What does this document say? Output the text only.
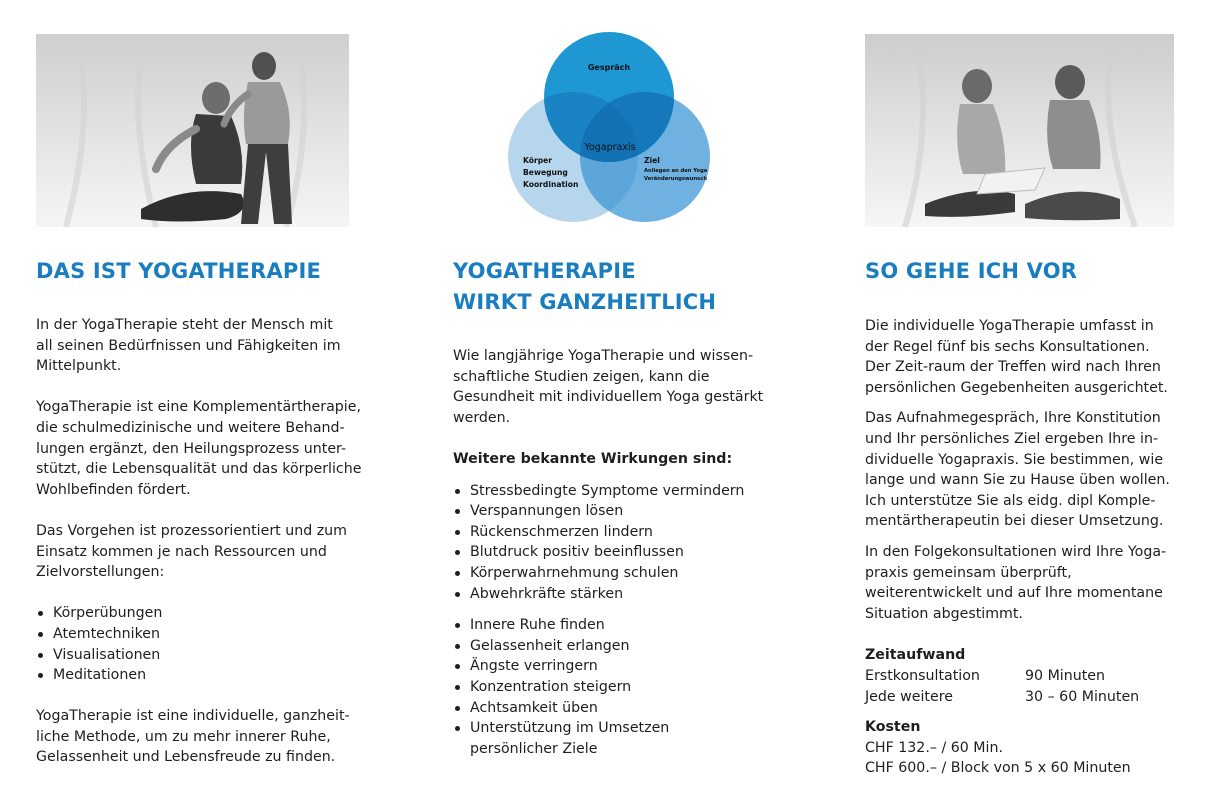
DAS IST YOGATHERAPIE

In der YogaTherapie steht der Mensch mit all seinen Bedürfnissen und Fähigkeiten im Mittelpunkt.

YogaTherapie ist eine Komplementärtherapie, die schulmedizinische und weitere Behand-lungen ergänzt, den Heilungsprozess unter-stützt, die Lebensqualität und das körperliche Wohlbefinden fördert.

Das Vorgehen ist prozessorientiert und zum Einsatz kommen je nach Ressourcen und Zielvorstellungen:

Körperübungen
Atemtechniken
Visualisationen
Meditationen

YogaTherapie ist eine individuelle, ganzheit-liche Methode, um zu mehr innerer Ruhe, Gelassenheit und Lebensfreude zu finden.

Gespräch
Yogapraxis
Körper Bewegung Koordination
Ziel Anliegen an den Yoga Veränderungswunsch
YOGATHERAPIE
WIRKT GANZHEITLICH

Wie langjährige YogaTherapie und wissen-schaftliche Studien zeigen, kann die Gesundheit mit individuellem Yoga gestärkt werden.

Weitere bekannte Wirkungen sind:

Stressbedingte Symptome vermindern
Verspannungen lösen
Rückenschmerzen lindern
Blutdruck positiv beeinflussen
Körperwahrnehmung schulen
Abwehrkräfte stärken
Innere Ruhe finden
Gelassenheit erlangen
Ängste verringern
Konzentration steigern
Achtsamkeit üben
Unterstützung im Umsetzen persönlicher Ziele
SO GEHE ICH VOR

Die individuelle YogaTherapie umfasst in der Regel fünf bis sechs Konsultationen. Der Zeit-raum der Treffen wird nach Ihren persönlichen Gegebenheiten ausgerichtet.

Das Aufnahmegespräch, Ihre Konstitution und Ihr persönliches Ziel ergeben Ihre in-dividuelle Yogapraxis. Sie bestimmen, wie lange und wann Sie zu Hause üben wollen. Ich unterstütze Sie als eidg. dipl Komple-mentärtherapeutin bei dieser Umsetzung.

In den Folgekonsultationen wird Ihre Yoga-praxis gemeinsam überprüft, weiterentwickelt und auf Ihre momentane Situation abgestimmt.

Zeitaufwand
Erstkonsultation	90 Minuten
Jede weitere	30 – 60 Minuten
Kosten
CHF 132.– / 60 Min.
CHF 600.– / Block von 5 x 60 Minuten
